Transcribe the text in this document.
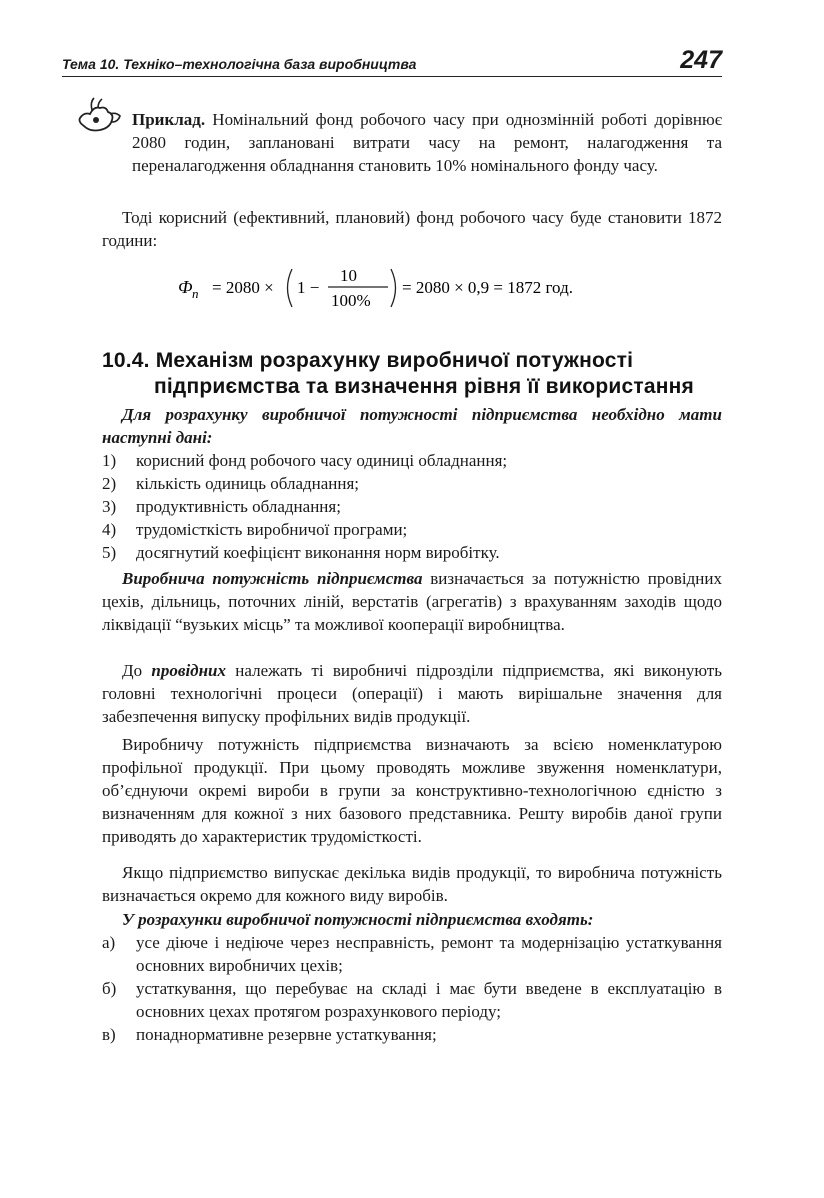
Тема 10. Техніко–технологічна база виробництва	247
Приклад. Номінальний фонд робочого часу при однозмінній роботі дорівнює 2080 годин, заплановані витрати часу на ремонт, налагодження та переналагодження обладнання становить 10% номінального фонду часу.
Тоді корисний (ефективний, плановий) фонд робочого часу буде становити 1872 години:
Ф п = 2080 × 1 −
10
100%
= 2080 × 0,9 = 1872 год.
10.4. Механізм розрахунку виробничої потужності
підприємства та визначення рівня її використання
Для розрахунку виробничої потужності підприємства необхідно мати наступні дані:
1)	корисний фонд робочого часу одиниці обладнання;
2)	кількість одиниць обладнання;
3)	продуктивність обладнання;
4)	трудомісткість виробничої програми;
5)	досягнутий коефіцієнт виконання норм виробітку.
Виробнича потужність підприємства визначається за потужністю провідних цехів, дільниць, поточних ліній, верстатів (агрегатів) з врахуванням заходів щодо ліквідації “вузьких місць” та можливої кооперації виробництва.
До провідних належать ті виробничі підрозділи підприємства, які виконують головні технологічні процеси (операції) і мають вирішальне значення для забезпечення випуску профільних видів продукції.
Виробничу потужність підприємства визначають за всією номенклатурою профільної продукції. При цьому проводять можливе звуження номенклатури, об’єднуючи окремі вироби в групи за конструктивно-технологічною єдністю з визначенням для кожної з них базового представника. Решту виробів даної групи приводять до характеристик трудомісткості.
Якщо підприємство випускає декілька видів продукції, то виробнича потужність визначається окремо для кожного виду виробів.
У розрахунки виробничої потужності підприємства входять:
а)	усе діюче і недіюче через несправність, ремонт та модернізацію устаткування основних виробничих цехів;
б)	устаткування, що перебуває на складі і має бути введене в експлуатацію в основних цехах протягом розрахункового періоду;
в)	понаднормативне резервне устаткування;
